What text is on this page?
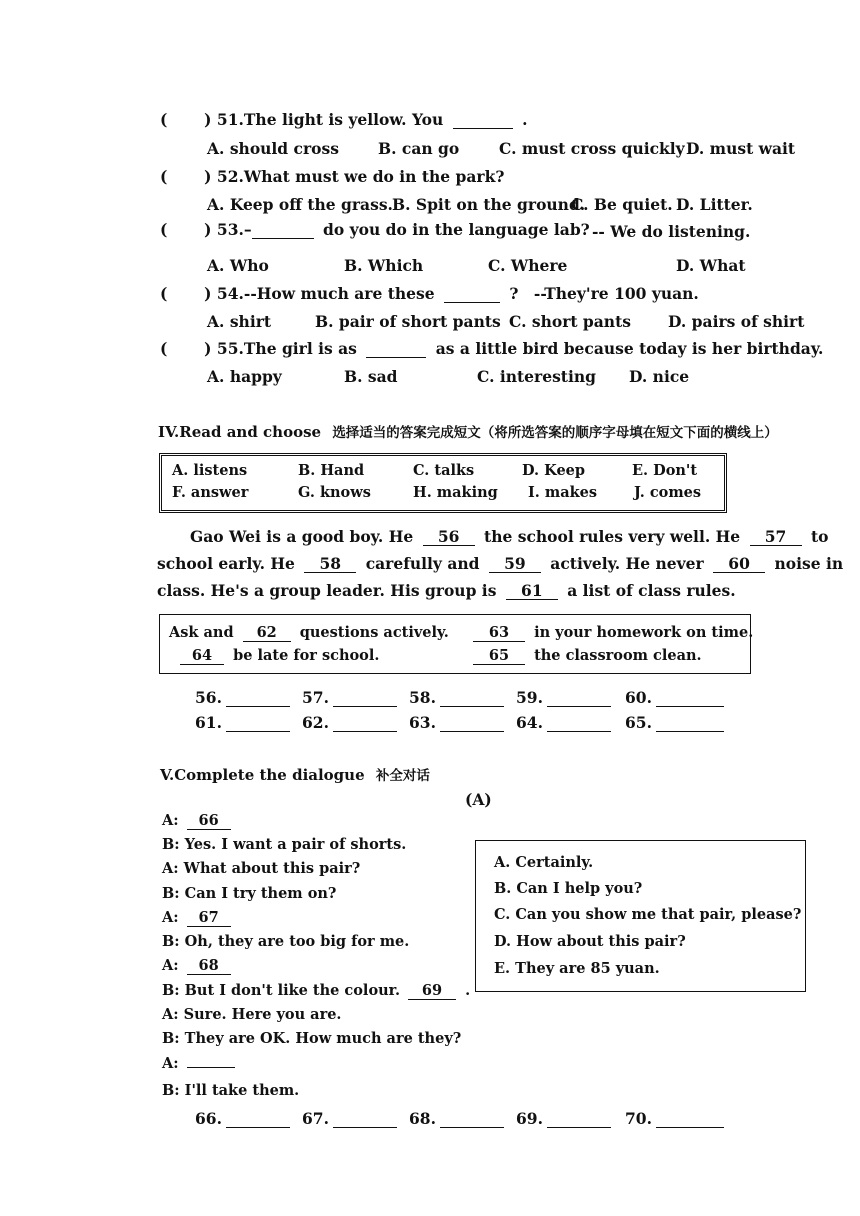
( ) 51.The light is yellow. You	.
A. should cross	B. can go	C. must cross quickly D. must wait
( ) 52.What must we do in the park?
A. Keep off the grass. B. Spit on the ground.
C. Be quiet. D. Litter.
( ) 53.–	do you do in the language lab? -- We do listening.
A. Who	B. Which	C. Where	D. What
( ) 54.--How much are these	? --They're 100 yuan.
A. shirt	B. pair of short pants C. short pants D. pairs of shirt
( ) 55.The girl is as	as a little bird because today is her birthday.
A. happy	B. sad	C. interesting D. nice
IV.Read and choose 选择适当的答案完成短文（将所选答案的顺序字母填在短文下面的横线上）
A. listens	B. Hand	C. talks	D. Keep	E. Don't
F. answer	G. knows	H. making I. makes	J. comes
Gao Wei is a good boy. He 56 the school rules very well. He 57 to
school early. He 58 carefully and 59 actively. He never 60 noise in
class. He's a group leader. His group is 61 a list of class rules.
Ask and 62 questions actively.	63 in your homework on time.
64 be late for school.	65 the classroom clean.
56.	57.	58.	59.	60.
61.	62.	63.	64.	65.
V.Complete the dialogue 补全对话
(A)
A: 66
B: Yes. I want a pair of shorts.
A: What about this pair?
B: Can I try them on?
A: 67
B: Oh, they are too big for me.
A: 68
B: But I don't like the colour. 69 .
A: Sure. Here you are.
B: They are OK. How much are they?
A:
B: I'll take them.
A. Certainly.
B. Can I help you?
C. Can you show me that pair, please?
D. How about this pair?
E. They are 85 yuan.
66.	67.	68.	69.	70.
